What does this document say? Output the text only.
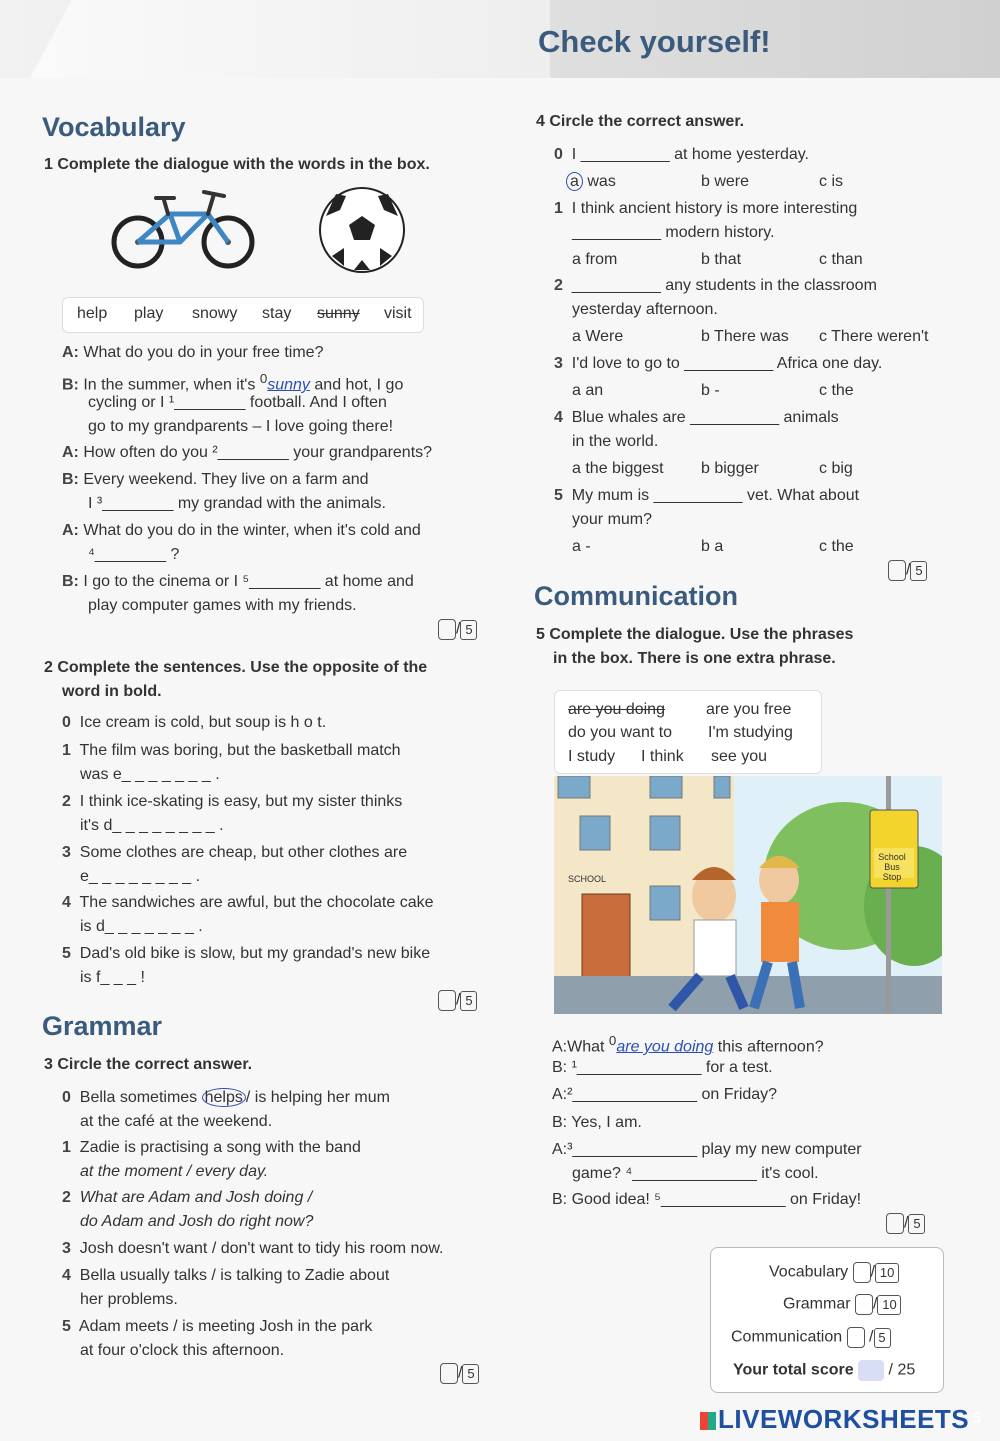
Check yourself!
Vocabulary
1 Complete the dialogue with the words in the box.
help play snowy stay sunny visit
A: What do you do in your free time?
B: In the summer, when it's $^0$sunny and hot, I go
cycling or I ¹________ football. And I often
go to my grandparents – I love going there!
A: How often do you ²________ your grandparents?
B: Every weekend. They live on a farm and
I ³________ my grandad with the animals.
A: What do you do in the winter, when it's cold and
⁴________ ?
B: I go to the cinema or I ⁵________ at home and
play computer games with my friends.
/ 5
2 Complete the sentences. Use the opposite of the
word in bold.
0 Ice cream is cold, but soup is h o t.
1 The film was boring, but the basketball match
was e_ _ _ _ _ _ _ .
2 I think ice-skating is easy, but my sister thinks
it's d_ _ _ _ _ _ _ _ .
3 Some clothes are cheap, but other clothes are
e_ _ _ _ _ _ _ _ .
4 The sandwiches are awful, but the chocolate cake
is d_ _ _ _ _ _ _ .
5 Dad's old bike is slow, but my grandad's new bike
is f_ _ _ !
/ 5
Grammar
3 Circle the correct answer.
0 Bella sometimes helps / is helping her mum
at the café at the weekend.
1 Zadie is practising a song with the band
at the moment / every day.
2 What are Adam and Josh doing /
do Adam and Josh do right now?
3 Josh doesn't want / don't want to tidy his room now.
4 Bella usually talks / is talking to Zadie about
her problems.
5 Adam meets / is meeting Josh in the park
at four o'clock this afternoon.
/ 5
4 Circle the correct answer.
0 I __________ at home yesterday.
a was	b were	c is
1 I think ancient history is more interesting
__________ modern history.
a from	b that	c than
2 __________ any students in the classroom
yesterday afternoon.
a Were	b There was c There weren't
3 I'd love to go to __________ Africa one day.
a an	b -	c the
4 Blue whales are __________ animals
in the world.
a the biggest b bigger	c big
5 My mum is __________ vet. What about
your mum?
a -	b a	c the
/ 5
Communication
5 Complete the dialogue. Use the phrases
in the box. There is one extra phrase.
are you doing	are you free
do you want to I'm studying
I study I think see you
SCHOOL
School
Bus Stop
A:What $^0$are you doing this afternoon?
B: ¹______________ for a test.
A:²______________ on Friday?
B: Yes, I am.
A:³______________ play my new computer
game? ⁴______________ it's cool.
B: Good idea! ⁵______________ on Friday!
/ 5
Vocabulary / 10
Grammar / 10
Communication  / 5
Your total score / 25
LIVEWORKSHEETS 5
